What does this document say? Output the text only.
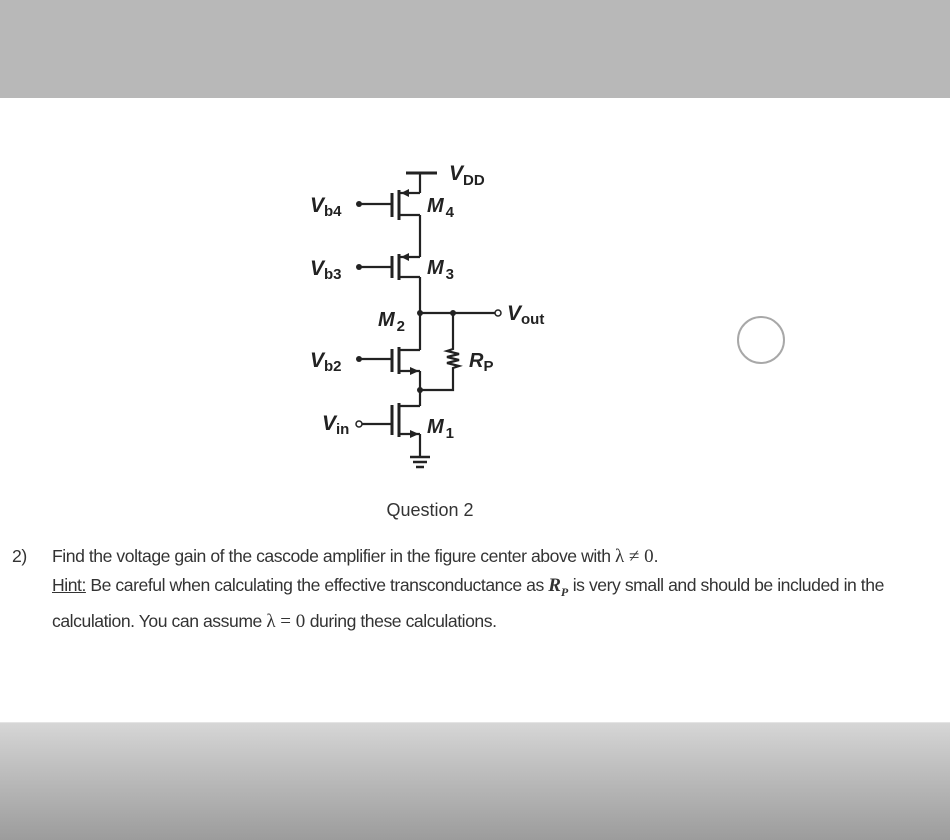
$V_{DD}$
Vb4
Vb3
Vb2
Vin
Vout
M $_4$
M $_3$
M $_2$
M $_1$
$R_P$
Question 2
2) Find the voltage gain of the cascode amplifier in the figure center above with λ ≠ 0.
Hint: Be careful when calculating the effective transconductance as $R_P$ is very small and should be included in the calculation. You can assume λ = 0 during these calculations.
